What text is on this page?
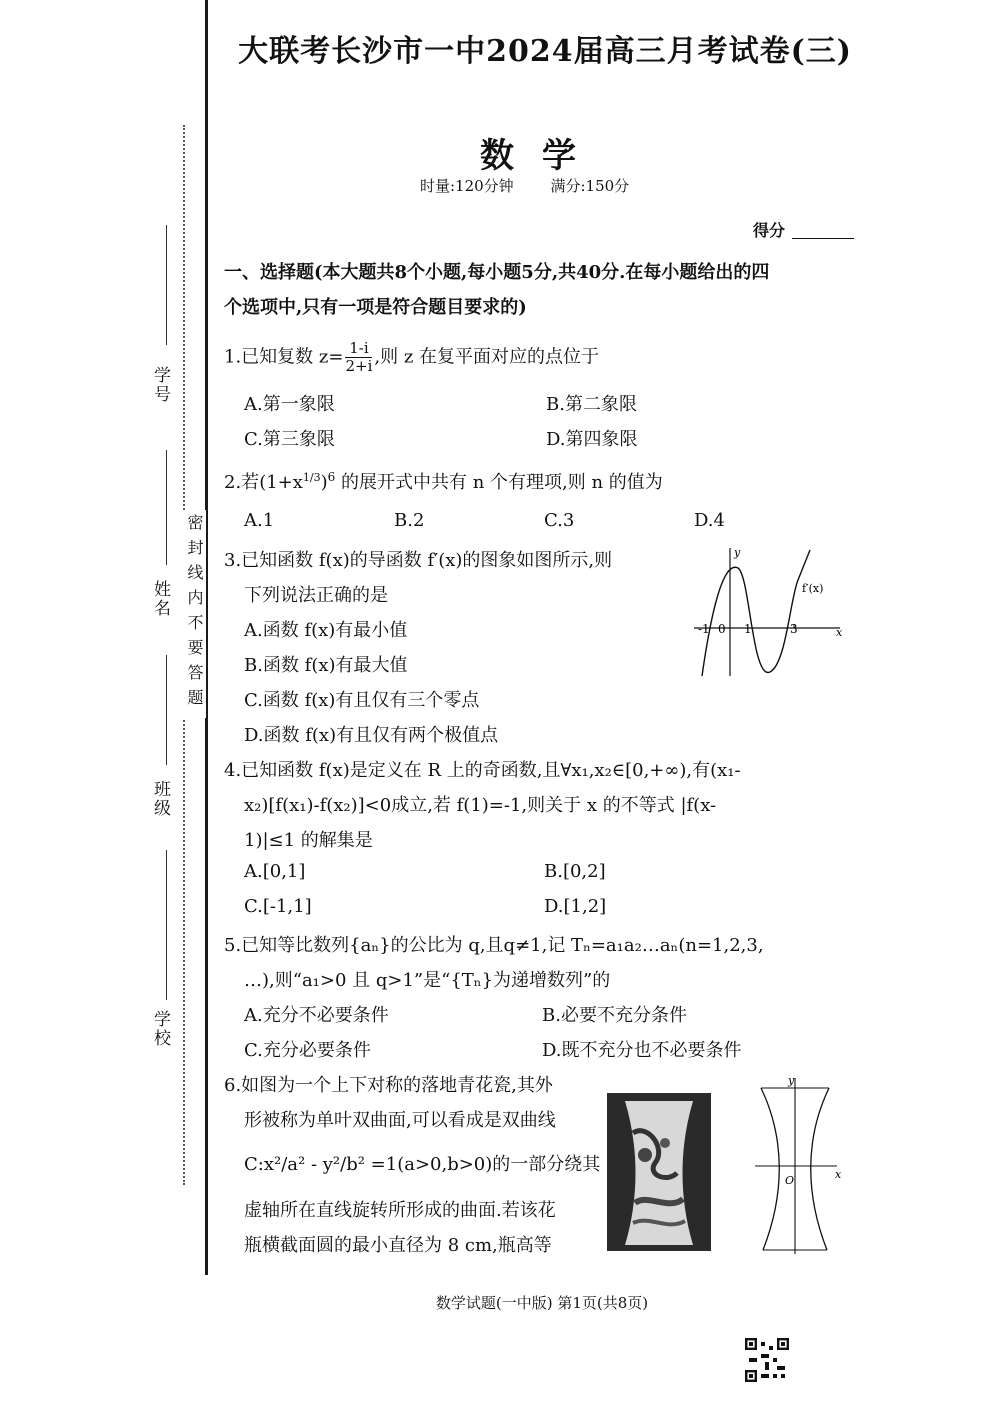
学号
姓名
班级
学校
密封线内不要答题
大联考长沙市一中2024届高三月考试卷(三)
数学
时量:120分钟 满分:150分
得分
一、选择题(本大题共8个小题,每小题5分,共40分.在每小题给出的四
个选项中,只有一项是符合题目要求的)
1.已知复数 $z= \frac{1-i}{2+i}$ ,则 z 在复平面对应的点位于
A.第一象限	B.第二象限
C.第三象限	D.第四象限
2.若$(1+x^{1/3})^6$ 的展开式中共有 n 个有理项,则 n 的值为
A.1	B.2	C.3	D.4
3.已知函数 f(x)的导函数 f′(x)的图象如图所示,则
下列说法正确的是
A.函数 f(x)有最小值
B.函数 f(x)有最大值
C.函数 f(x)有且仅有三个零点
D.函数 f(x)有且仅有两个极值点
y
x
f′(x)
-1 0 1	3
4.已知函数 f(x)是定义在 R 上的奇函数,且∀x₁,x₂∈[0,+∞),有(x₁-
x₂)[f(x₁)-f(x₂)]<0成立,若 f(1)=-1,则关于 x 的不等式 |f(x-
1)|≤1 的解集是
A.[0,1]	B.[0,2]
C.[-1,1]	D.[1,2]
5.已知等比数列{aₙ}的公比为 q,且q≠1,记 Tₙ=a₁a₂…aₙ(n=1,2,3,
…),则“a₁>0 且 q>1”是“{Tₙ}为递增数列”的
A.充分不必要条件	B.必要不充分条件
C.充分必要条件	D.既不充分也不必要条件
6.如图为一个上下对称的落地青花瓷,其外
形被称为单叶双曲面,可以看成是双曲线
C:x²/a² - y²/b² =1(a>0,b>0)的一部分绕其
虚轴所在直线旋转所形成的曲面.若该花
瓶横截面圆的最小直径为 8 cm,瓶高等
y
x
O
数学试题(一中版) 第1页(共8页)
